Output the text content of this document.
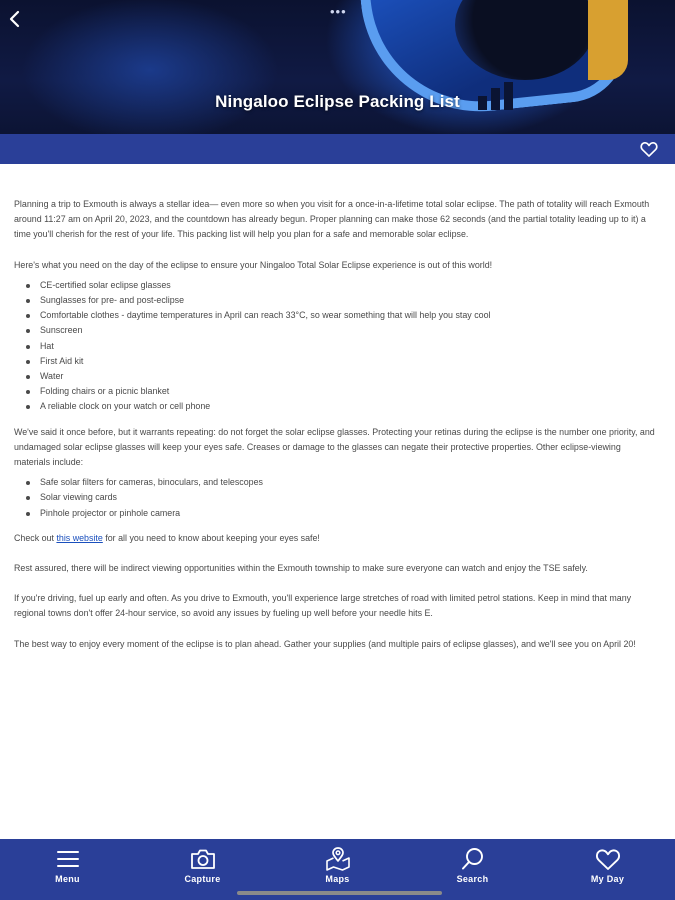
•••
Ningaloo Eclipse Packing List

Planning a trip to Exmouth is always a stellar idea— even more so when you visit for a once-in-a-lifetime total solar eclipse. The path of totality will reach Exmouth around 11:27 am on April 20, 2023, and the countdown has already begun. Proper planning can make those 62 seconds (and the partial totality leading up to it) a time you'll cherish for the rest of your life. This packing list will help you plan for a safe and memorable solar eclipse.

Here's what you need on the day of the eclipse to ensure your Ningaloo Total Solar Eclipse experience is out of this world!

CE-certified solar eclipse glasses
Sunglasses for pre- and post-eclipse
Comfortable clothes - daytime temperatures in April can reach 33°C, so wear something that will help you stay cool
Sunscreen
Hat
First Aid kit
Water
Folding chairs or a picnic blanket
A reliable clock on your watch or cell phone

We've said it once before, but it warrants repeating: do not forget the solar eclipse glasses. Protecting your retinas during the eclipse is the number one priority, and undamaged solar eclipse glasses will keep your eyes safe. Creases or damage to the glasses can negate their protective properties. Other eclipse-viewing materials include:

Safe solar filters for cameras, binoculars, and telescopes
Solar viewing cards
Pinhole projector or pinhole camera

Check out this website for all you need to know about keeping your eyes safe!

Rest assured, there will be indirect viewing opportunities within the Exmouth township to make sure everyone can watch and enjoy the TSE safely.

If you're driving, fuel up early and often. As you drive to Exmouth, you'll experience large stretches of road with limited petrol stations. Keep in mind that many regional towns don't offer 24-hour service, so avoid any issues by fueling up well before your needle hits E.

The best way to enjoy every moment of the eclipse is to plan ahead. Gather your supplies (and multiple pairs of eclipse glasses), and we'll see you on April 20!

Menu	Capture	Maps	Search	My Day
